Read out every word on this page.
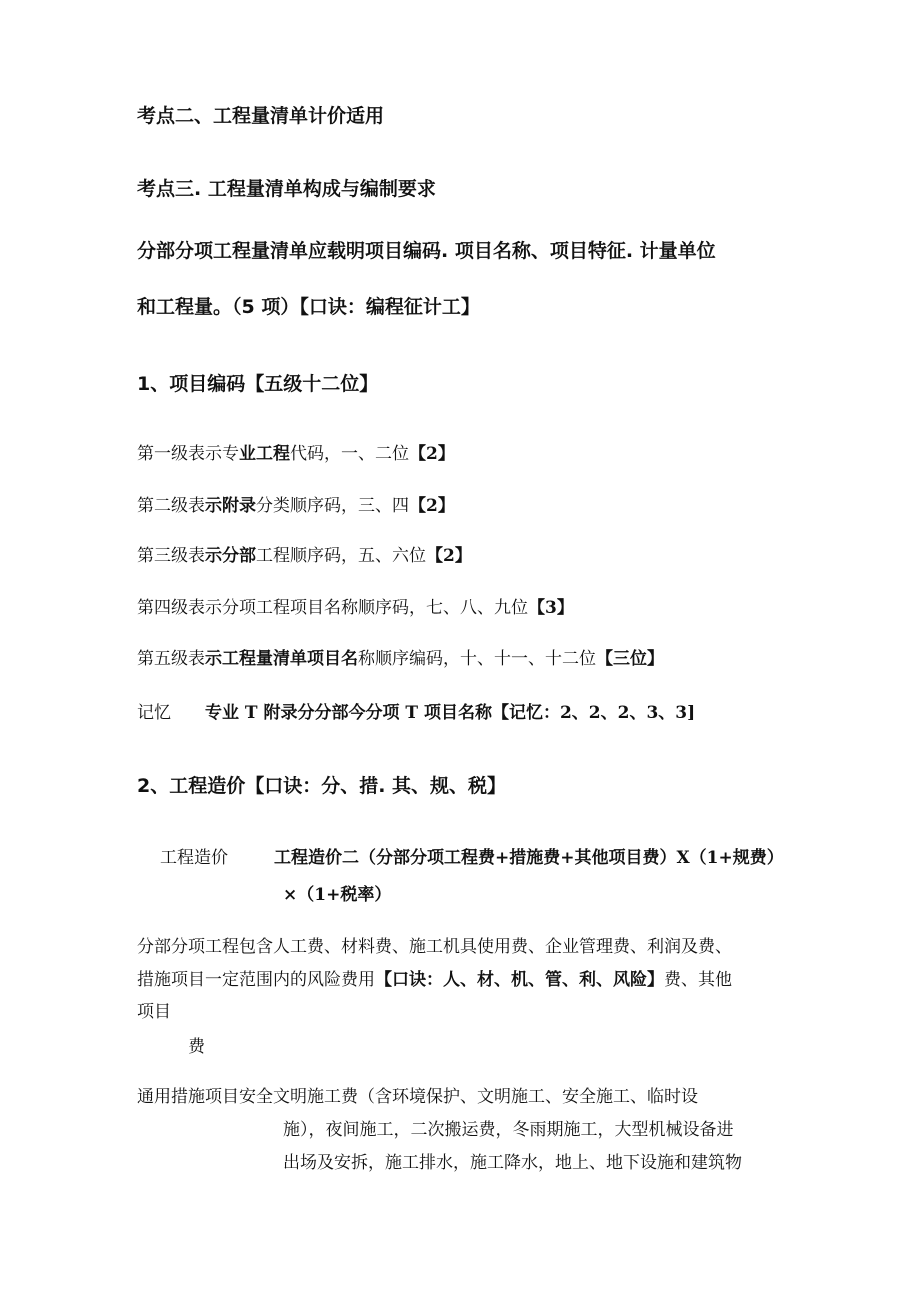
考点二、工程量清单计价适用
考点三. 工程量清单构成与编制要求
分部分项工程量清单应载明项目编码. 项目名称、项目特征. 计量单位
和工程量。（5 项）【口诀：编程征计工】
1、项目编码【五级十二位】
第一级表示专业工程代码，一、二位【2】
第二级表示附录分类顺序码，三、四【2】
第三级表示分部工程顺序码，五、六位【2】
第四级表示分项工程项目名称顺序码，七、八、九位【3】
第五级表示工程量清单项目名称顺序编码，十、十一、十二位【三位】
记忆 专业 T 附录分分部今分项 T 项目名称【记忆：2、2、2、3、3]
2、工程造价【口诀：分、措. 其、规、税】
工程造价	工程造价二（分部分项工程费+措施费+其他项目费）X（1+规费）
×（1+税率）
分部分项工程包含人工费、材料费、施工机具使用费、企业管理费、利润及费、
措施项目一定范围内的风险费用【口诀：人、材、机、管、利、风险】费、其他
项目
费
通用措施项目安全文明施工费（含环境保护、文明施工、安全施工、临时设
施），夜间施工，二次搬运费，冬雨期施工，大型机械设备进
出场及安拆，施工排水，施工降水，地上、地下设施和建筑物
